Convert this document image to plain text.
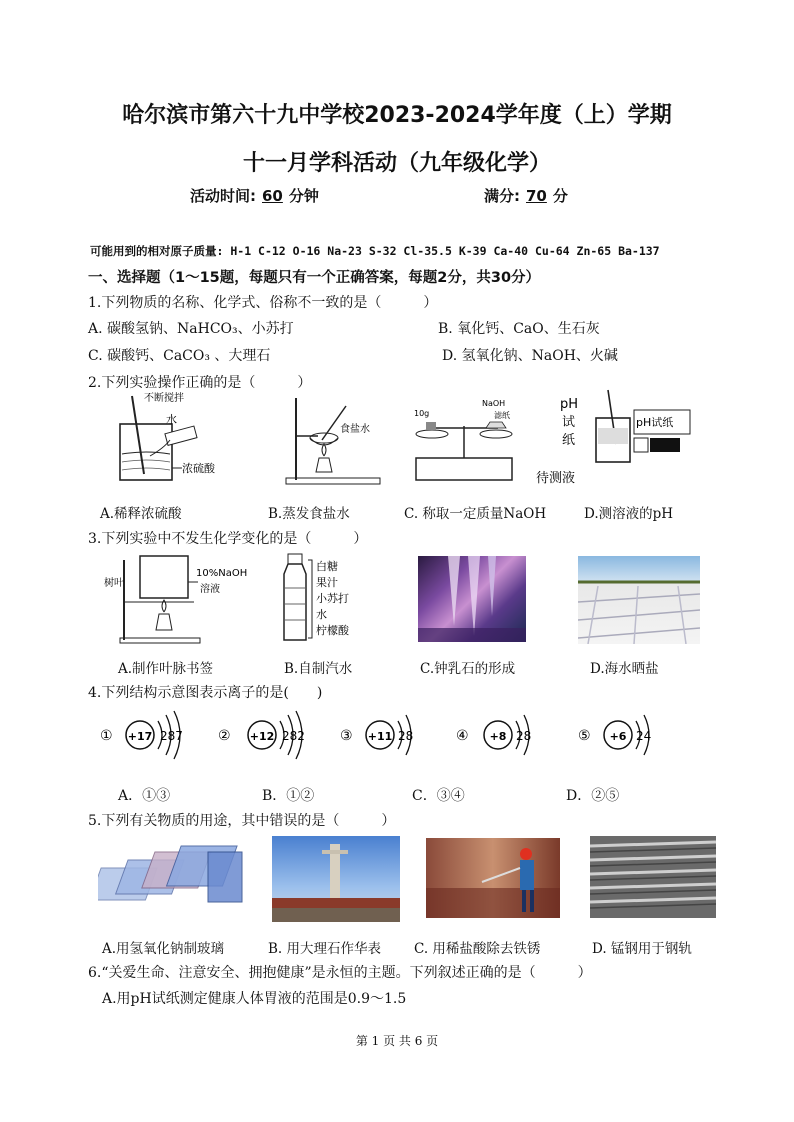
哈尔滨市第六十九中学校2023-2024学年度（上）学期
十一月学科活动（九年级化学）
活动时间: 60 分钟	满分: 70 分
可能用到的相对原子质量: H-1 C-12 O-16 Na-23 S-32 Cl-35.5 K-39 Ca-40 Cu-64 Zn-65 Ba-137
一、选择题（1～15题，每题只有一个正确答案，每题2分，共30分）
1.下列物质的名称、化学式、俗称不一致的是（　　　）
A. 碳酸氢钠、NaHCO₃、小苏打	B. 氧化钙、CaO、生石灰
C. 碳酸钙、CaCO₃ 、大理石	D. 氢氧化钠、NaOH、火碱
2.下列实验操作正确的是（　　　）
不断搅拌
水
浓硫酸
食盐水
10g
NaOH
滤纸
pH
试
纸
pH试纸
待测液
A.稀释浓硫酸	B.蒸发食盐水	C. 称取一定质量NaOH	D.测溶液的pH
3.下列实验中不发生化学变化的是（　　　）
树叶
10%NaOH
溶液
白糖
果汁
小苏打
水
柠檬酸
A.制作叶脉书签	B.自制汽水	C.钟乳石的形成	D.海水晒盐
4.下列结构示意图表示离子的是(　　)
① +17 287	② +12 282	③ +11 28	④ +8 28	⑤ +6 24
A．①③	B．①②	C．③④	D．②⑤
5.下列有关物质的用途，其中错误的是（　　　）
A.用氢氧化钠制玻璃	B. 用大理石作华表 C. 用稀盐酸除去铁锈	D. 锰钢用于钢轨
6.“关爱生命、注意安全、拥抱健康”是永恒的主题。下列叙述正确的是（　　　）
A.用pH试纸测定健康人体胃液的范围是0.9～1.5
第 1 页 共 6 页
